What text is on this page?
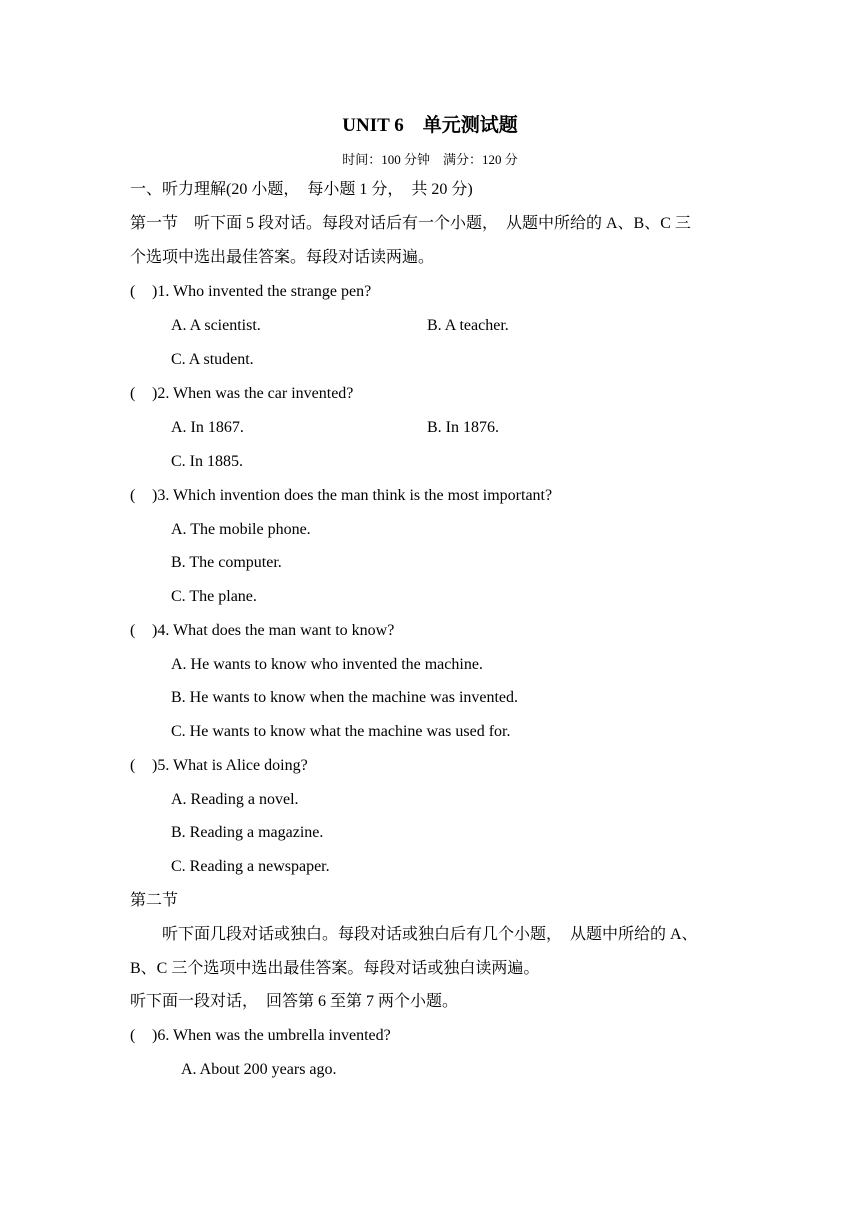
UNIT 6　单元测试题
时间：100 分钟　满分：120 分
一、听力理解(20 小题，　每小题 1 分，　共 20 分)
第一节　听下面 5 段对话。每段对话后有一个小题，　从题中所给的 A、B、C 三
个选项中选出最佳答案。每段对话读两遍。
( )1. Who invented the strange pen?
A. A scientist.	B. A teacher.
C. A student.
( )2. When was the car invented?
A. In 1867.	B. In 1876.
C. In 1885.
( )3. Which invention does the man think is the most important?
A. The mobile phone.
B. The computer.
C. The plane.
( )4. What does the man want to know?
A. He wants to know who invented the machine.
B. He wants to know when the machine was invented.
C. He wants to know what the machine was used for.
( )5. What is Alice doing?
A. Reading a novel.
B. Reading a magazine.
C. Reading a newspaper.
第二节
听下面几段对话或独白。每段对话或独白后有几个小题，　从题中所给的 A、
B、C 三个选项中选出最佳答案。每段对话或独白读两遍。
听下面一段对话，　回答第 6 至第 7 两个小题。
( )6. When was the umbrella invented?
A. About 200 years ago.
